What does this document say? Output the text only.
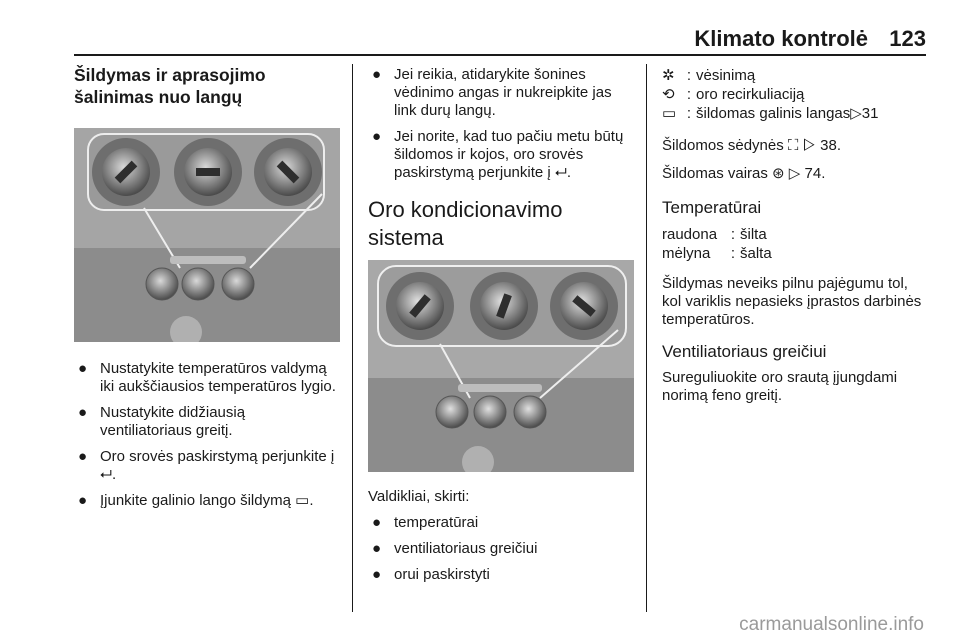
Klimato kontrolė 123
Šildymas ir aprasojimo šalinimas nuo langų
● Nustatykite temperatūros valdymą iki aukščiausios temperatūros lygio.
● Nustatykite didžiausią ventiliatoriaus greitį.
● Oro srovės paskirstymą perjunkite į ⮠.
● Įjunkite galinio lango šildymą ▭.
● Jei reikia, atidarykite šonines vėdinimo angas ir nukreipkite jas link durų langų.
● Jei norite, kad tuo pačiu metu būtų šildomos ir kojos, oro srovės paskirstymą perjunkite į ⮠.
Oro kondicionavimo sistema

Valdikliai, skirti:

● temperatūrai
● ventiliatoriaus greičiui
● orui paskirstyti
✲ : vėsinimą
⟲ : oro recirkuliaciją
▭ : šildomas galinis langas ▷ 31

Šildomos sėdynės ⛶ ▷ 38.

Šildomas vairas ⊛ ▷ 74.

Temperatūrai
raudona : šilta
mėlyna	: šalta

Šildymas neveiks pilnu pajėgumu tol, kol variklis nepasieks įprastos darbinės temperatūros.

Ventiliatoriaus greičiui

Sureguliuokite oro srautą įjungdami norimą feno greitį.

carmanualsonline.info
